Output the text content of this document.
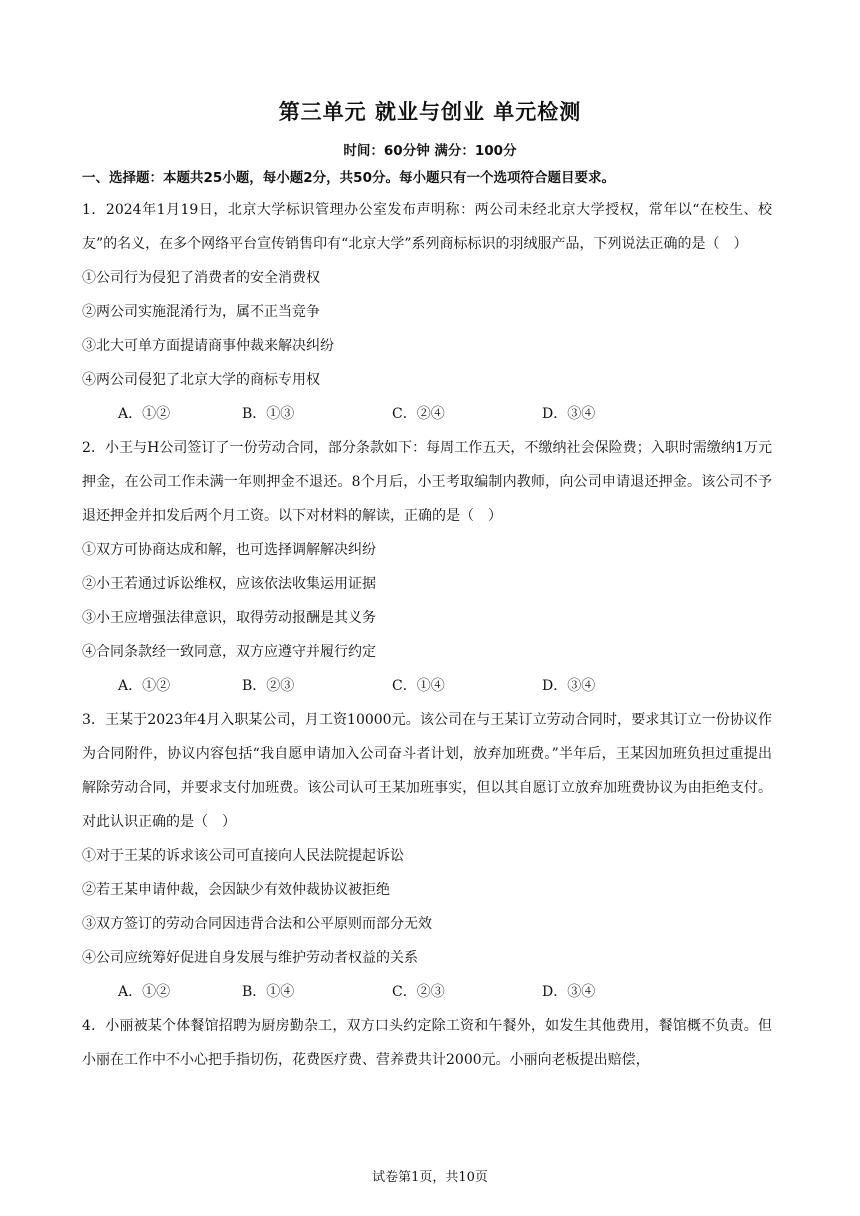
第三单元 就业与创业 单元检测
时间：60分钟 满分：100分
一、选择题：本题共25小题，每小题2分，共50分。每小题只有一个选项符合题目要求。

1．2024年1月19日，北京大学标识管理办公室发布声明称：两公司未经北京大学授权，常年以“在校生、校友”的名义，在多个网络平台宣传销售印有“北京大学”系列商标标识的羽绒服产品，下列说法正确的是（　）

①公司行为侵犯了消费者的安全消费权

②两公司实施混淆行为，属不正当竞争

③北大可单方面提请商事仲裁来解决纠纷

④两公司侵犯了北京大学的商标专用权

A．①②	B．①③	C．②④	D．③④

2．小王与H公司签订了一份劳动合同，部分条款如下：每周工作五天，不缴纳社会保险费；入职时需缴纳1万元押金，在公司工作未满一年则押金不退还。8个月后，小王考取编制内教师，向公司申请退还押金。该公司不予退还押金并扣发后两个月工资。以下对材料的解读，正确的是（　）

①双方可协商达成和解，也可选择调解解决纠纷

②小王若通过诉讼维权，应该依法收集运用证据

③小王应增强法律意识，取得劳动报酬是其义务

④合同条款经一致同意，双方应遵守并履行约定

A．①②	B．②③	C．①④	D．③④

3．王某于2023年4月入职某公司，月工资10000元。该公司在与王某订立劳动合同时，要求其订立一份协议作为合同附件，协议内容包括“我自愿申请加入公司奋斗者计划，放弃加班费。”半年后，王某因加班负担过重提出解除劳动合同，并要求支付加班费。该公司认可王某加班事实，但以其自愿订立放弃加班费协议为由拒绝支付。对此认识正确的是（　）

①对于王某的诉求该公司可直接向人民法院提起诉讼

②若王某申请仲裁，会因缺少有效仲裁协议被拒绝

③双方签订的劳动合同因违背合法和公平原则而部分无效

④公司应统筹好促进自身发展与维护劳动者权益的关系

A．①②	B．①④	C．②③	D．③④

4．小丽被某个体餐馆招聘为厨房勤杂工，双方口头约定除工资和午餐外，如发生其他费用，餐馆概不负责。但小丽在工作中不小心把手指切伤，花费医疗费、营养费共计2000元。小丽向老板提出赔偿，

试卷第1页，共10页
